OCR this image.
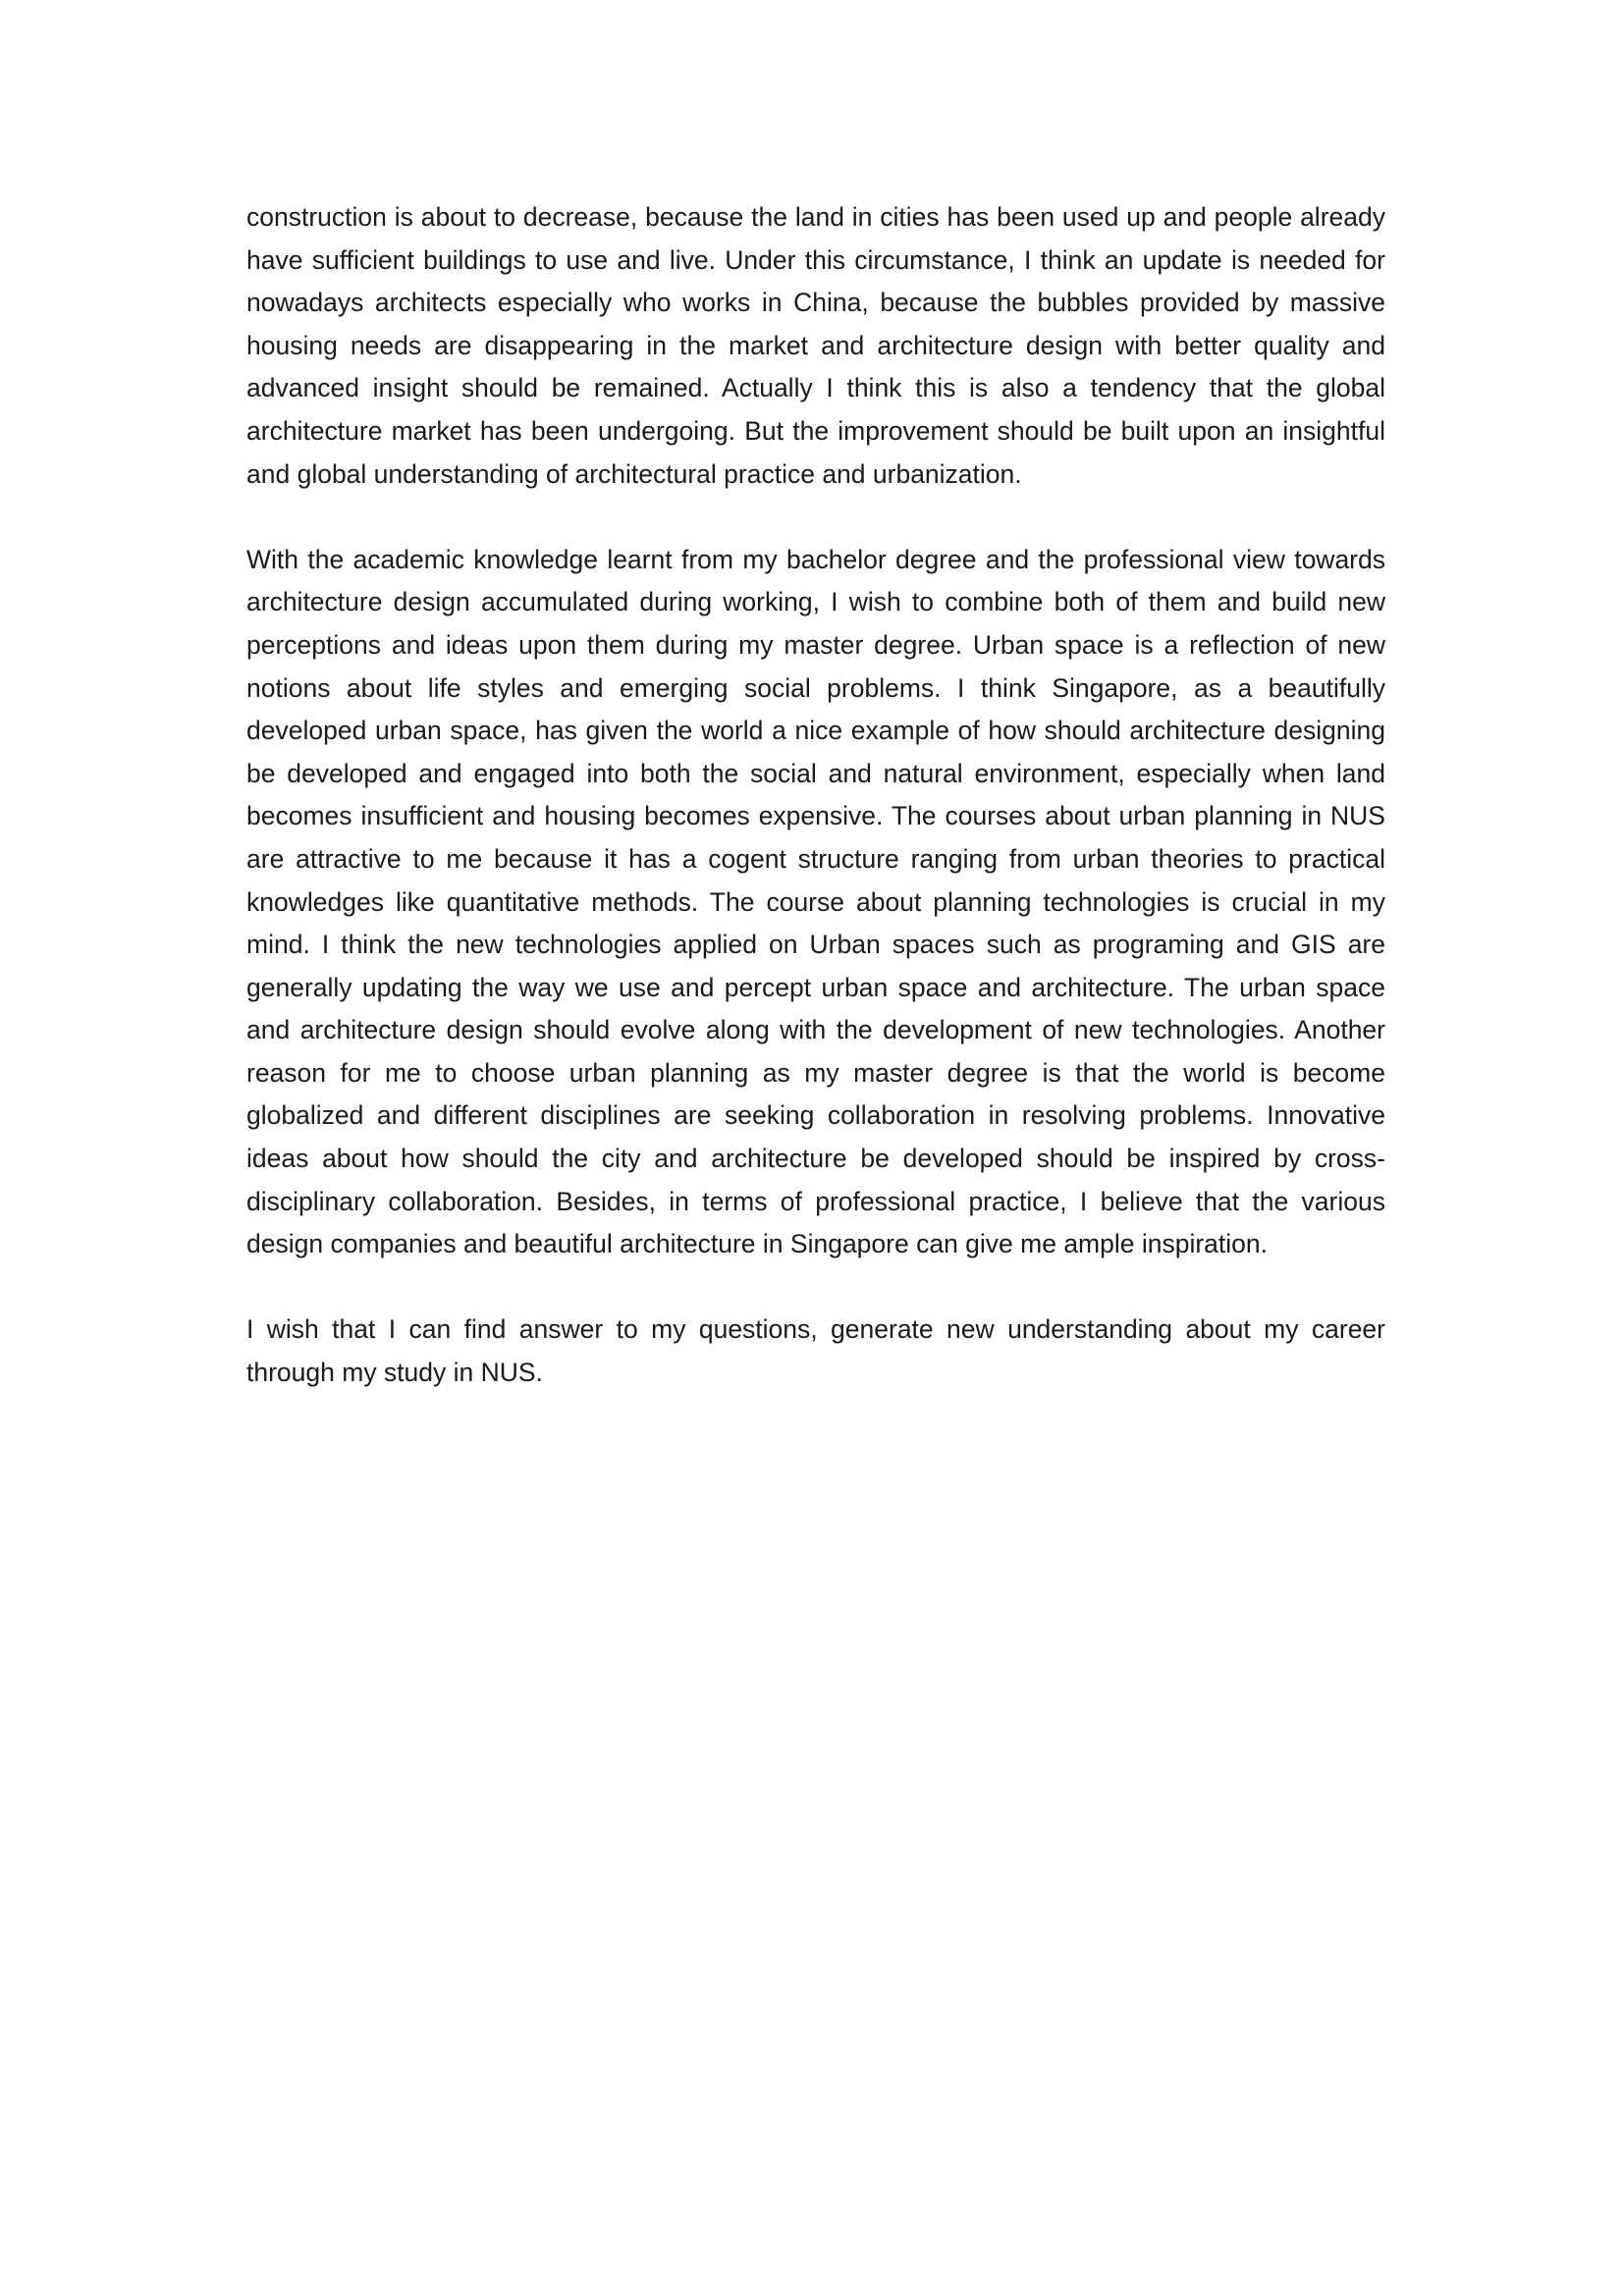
construction is about to decrease, because the land in cities has been used up and people already have sufficient buildings to use and live. Under this circumstance, I think an update is needed for nowadays architects especially who works in China, because the bubbles provided by massive housing needs are disappearing in the market and architecture design with better quality and advanced insight should be remained. Actually I think this is also a tendency that the global architecture market has been undergoing. But the improvement should be built upon an insightful and global understanding of architectural practice and urbanization.

With the academic knowledge learnt from my bachelor degree and the professional view towards architecture design accumulated during working, I wish to combine both of them and build new perceptions and ideas upon them during my master degree. Urban space is a reflection of new notions about life styles and emerging social problems. I think Singapore, as a beautifully developed urban space, has given the world a nice example of how should architecture designing be developed and engaged into both the social and natural environment, especially when land becomes insufficient and housing becomes expensive. The courses about urban planning in NUS are attractive to me because it has a cogent structure ranging from urban theories to practical knowledges like quantitative methods. The course about planning technologies is crucial in my mind. I think the new technologies applied on Urban spaces such as programing and GIS are generally updating the way we use and percept urban space and architecture. The urban space and architecture design should evolve along with the development of new technologies. Another reason for me to choose urban planning as my master degree is that the world is become globalized and different disciplines are seeking collaboration in resolving problems. Innovative ideas about how should the city and architecture be developed should be inspired by cross-disciplinary collaboration. Besides, in terms of professional practice, I believe that the various design companies and beautiful architecture in Singapore can give me ample inspiration.

I wish that I can find answer to my questions, generate new understanding about my career through my study in NUS.
